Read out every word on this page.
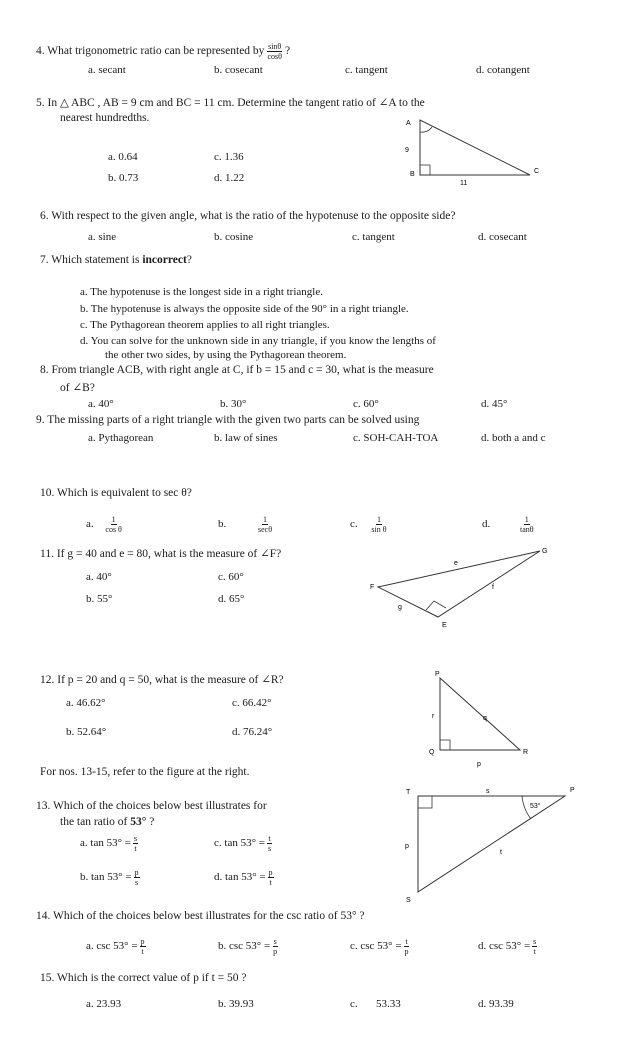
4. What trigonometric ratio can be represented by $\frac{\sin\theta}{\cos\theta}$ ?
a. secant	b. cosecant	c. tangent	d. cotangent
5. In △ ABC , AB = 9 cm and BC = 11 cm. Determine the tangent ratio of ∠A to the
nearest hundredths.
a. 0.64	c. 1.36
b. 0.73	d. 1.22
A
B	C
9
11
6. With respect to the given angle, what is the ratio of the hypotenuse to the opposite side?
a. sine	b. cosine	c. tangent	d. cosecant
7. Which statement is incorrect?
a. The hypotenuse is the longest side in a right triangle.
b. The hypotenuse is always the opposite side of the 90° in a right triangle.
c. The Pythagorean theorem applies to all right triangles.
d. You can solve for the unknown side in any triangle, if you know the lengths of
the other two sides, by using the Pythagorean theorem.
8. From triangle ACB, with right angle at C, if b = 15 and c = 30, what is the measure
of ∠B?
a. 40°	b. 30°	c. 60°	d. 45°
9. The missing parts of a right triangle with the given two parts can be solved using
a. Pythagorean	b. law of sines	c. SOH-CAH-TOA	d. both a and c
10. Which is equivalent to sec θ?
a. $\frac{1}{\text{cos θ}}$	b.	$\frac{1}{\sec\theta}$	c. $\frac{1}{\text{sin θ}}$	d.	$\frac{1}{\tan\theta}$
11. If g = 40 and e = 80, what is the measure of ∠F?
a. 40°	c. 60°
b. 55°	d. 65°
G
F
E
e
f
g
12. If p = 20 and q = 50, what is the measure of ∠R?
a. 46.62°	c. 66.42°
b. 52.64°	d. 76.24°
P
Q	R
r	q
p
For nos. 13-15, refer to the figure at the right.
13. Which of the choices below best illustrates for
the tan ratio of 53° ?
a. $\tan 53^\circ = \frac{s}{t}$	c. $\tan 53^\circ = \frac{t}{s}$
b. $\tan 53^\circ = \frac{p}{s}$	d. $\tan 53^\circ = \frac{p}{t}$
T	P
S
53°
s
t
p
14. Which of the choices below best illustrates for the csc ratio of 53° ?
a. $\csc 53^\circ = \frac{p}{t}$	b. $\csc 53^\circ = \frac{s}{p}$	c. $\csc 53^\circ = \frac{t}{p}$	d. $\csc 53^\circ = \frac{s}{t}$
15. Which is the correct value of p if t = 50 ?
a. 23.93	b. 39.93	c. 53.33	d. 93.39
